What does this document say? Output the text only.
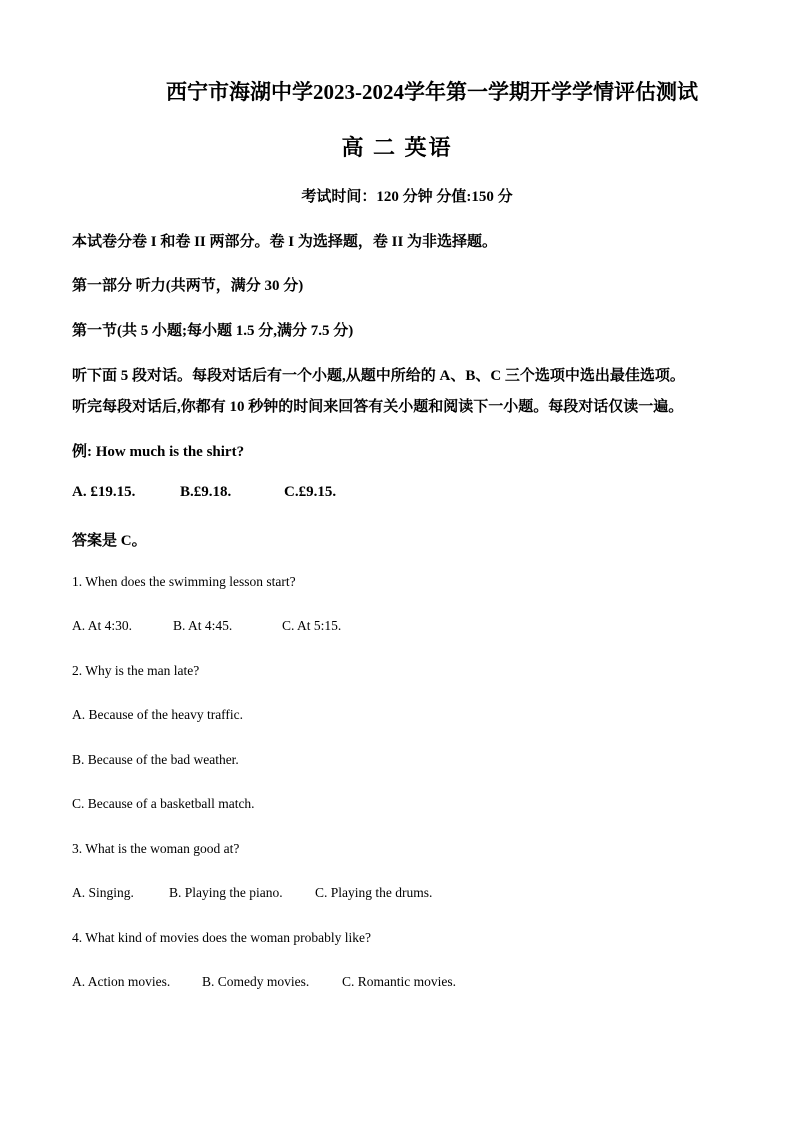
西宁市海湖中学2023-2024学年第一学期开学学情评估测试
高 二 英语
考试时间：120 分钟 分值:150 分
本试卷分卷 I 和卷 II 两部分。卷 I 为选择题，卷 II 为非选择题。
第一部分 听力(共两节，满分 30 分)
第一节(共 5 小题;每小题 1.5 分,满分 7.5 分)
听下面 5 段对话。每段对话后有一个小题,从题中所给的 A、B、C 三个选项中选出最佳选项。
听完每段对话后,你都有 10 秒钟的时间来回答有关小题和阅读下一小题。每段对话仅读一遍。
例: How much is the shirt?
A. £19.15.	B.£9.18.	C.£9.15.
答案是 C。
1. When does the swimming lesson start?
A. At 4:30.	B. At 4:45.	C. At 5:15.
2. Why is the man late?
A. Because of the heavy traffic.
B. Because of the bad weather.
C. Because of a basketball match.
3. What is the woman good at?
A. Singing.	B. Playing the piano. C. Playing the drums.
4. What kind of movies does the woman probably like?
A. Action movies. B. Comedy movies. C. Romantic movies.
